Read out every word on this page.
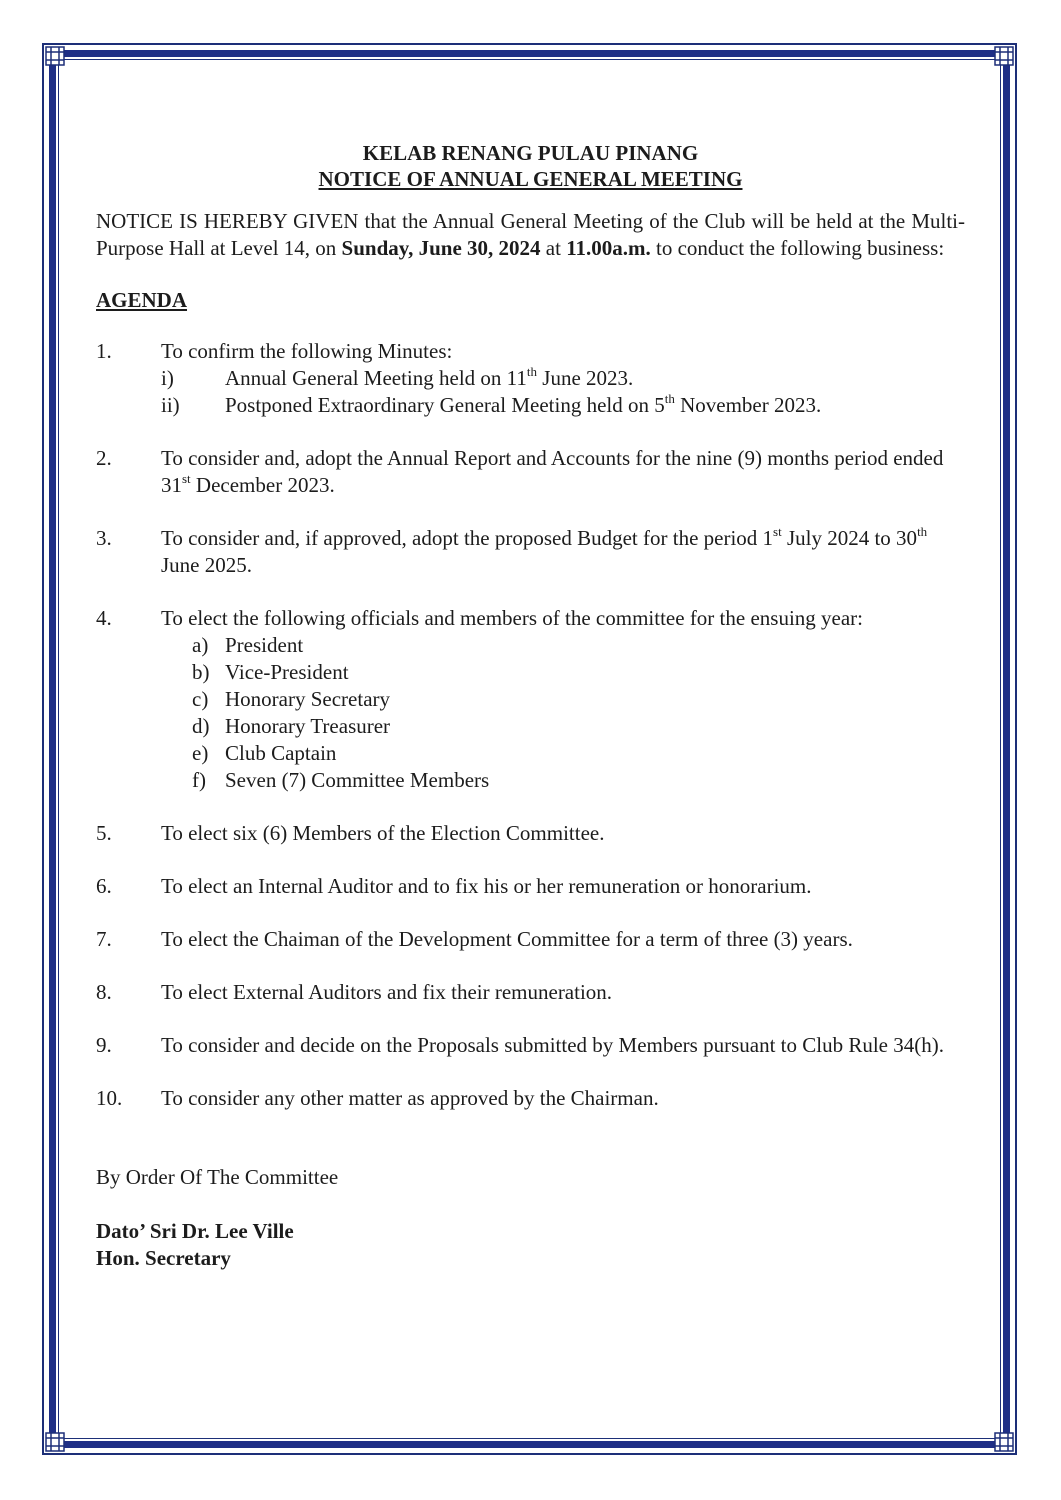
KELAB RENANG PULAU PINANG
NOTICE OF ANNUAL GENERAL MEETING
NOTICE IS HEREBY GIVEN that the Annual General Meeting of the Club will be held at the Multi-Purpose Hall at Level 14, on Sunday, June 30, 2024 at 11.00a.m. to conduct the following business:
AGENDA
1.	To confirm the following Minutes:
i)	Annual General Meeting held on 11th June 2023.
ii)	Postponed Extraordinary General Meeting held on 5th November 2023.
2.	To consider and, adopt the Annual Report and Accounts for the nine (9) months period ended 31st December 2023.
3.	To consider and, if approved, adopt the proposed Budget for the period 1st July 2024 to 30th June 2025.
4.	To elect the following officials and members of the committee for the ensuing year:
a) President
b) Vice-President
c) Honorary Secretary
d) Honorary Treasurer
e) Club Captain
f) Seven (7) Committee Members
5.	To elect six (6) Members of the Election Committee.
6.	To elect an Internal Auditor and to fix his or her remuneration or honorarium.
7.	To elect the Chaiman of the Development Committee for a term of three (3) years.
8.	To elect External Auditors and fix their remuneration.
9.	To consider and decide on the Proposals submitted by Members pursuant to Club Rule 34(h).
10.	To consider any other matter as approved by the Chairman.
By Order Of The Committee
Dato’ Sri Dr. Lee Ville
Hon. Secretary
